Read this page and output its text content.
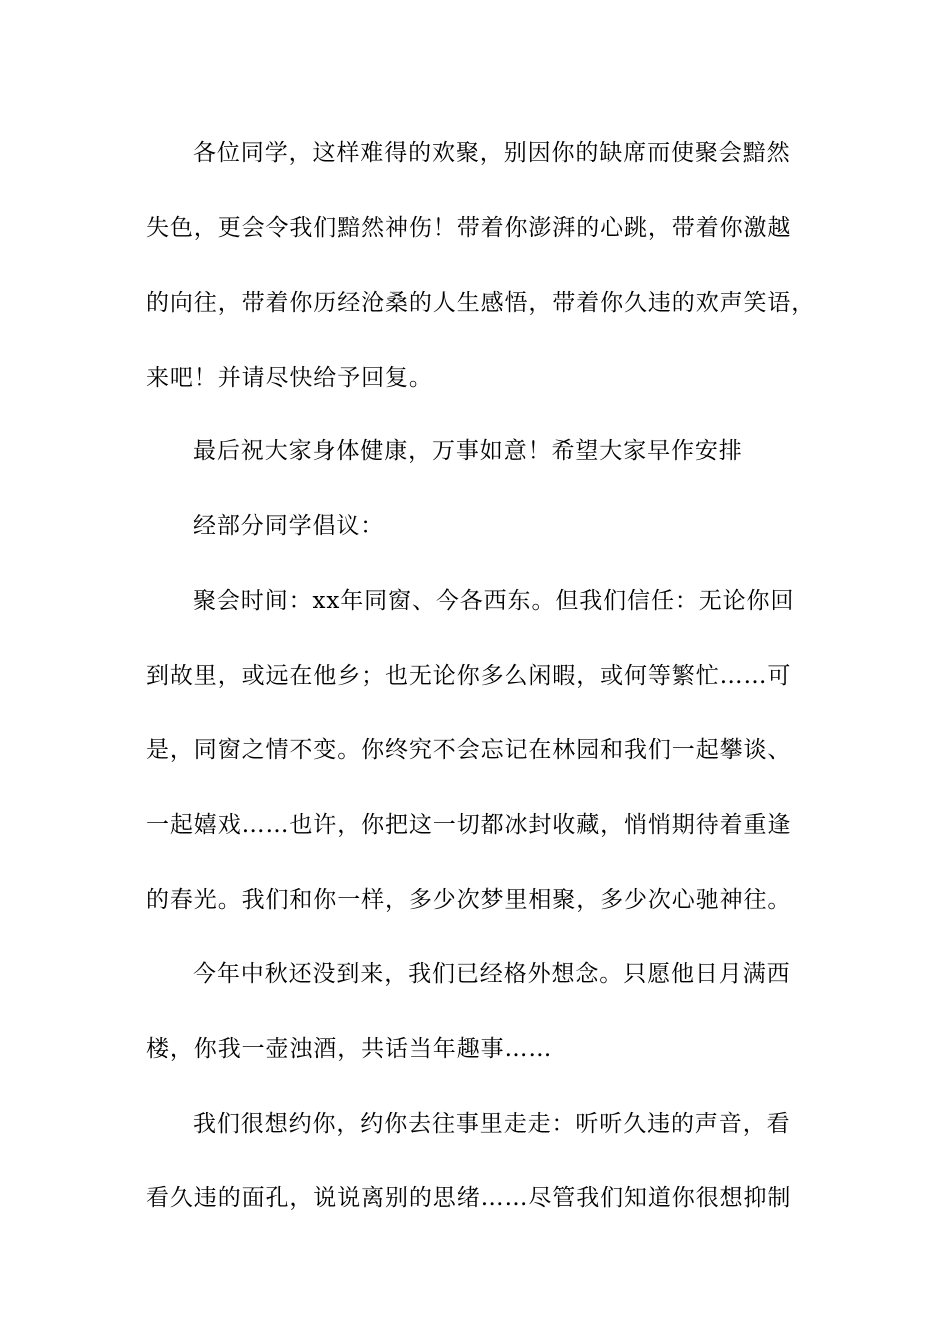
各位同学，这样难得的欢聚，别因你的缺席而使聚会黯然
失色，更会令我们黯然神伤！带着你澎湃的心跳，带着你激越
的向往，带着你历经沧桑的人生感悟，带着你久违的欢声笑语，
来吧！并请尽快给予回复。
最后祝大家身体健康，万事如意！希望大家早作安排
经部分同学倡议：
聚会时间：xx年同窗、今各西东。但我们信任：无论你回
到故里，或远在他乡；也无论你多么闲暇，或何等繁忙……可
是，同窗之情不变。你终究不会忘记在林园和我们一起攀谈、
一起嬉戏……也许，你把这一切都冰封收藏，悄悄期待着重逢
的春光。我们和你一样，多少次梦里相聚，多少次心驰神往。
今年中秋还没到来，我们已经格外想念。只愿他日月满西
楼，你我一壶浊酒，共话当年趣事……
我们很想约你，约你去往事里走走：听听久违的声音，看
看久违的面孔，说说离别的思绪……尽管我们知道你很想抑制
